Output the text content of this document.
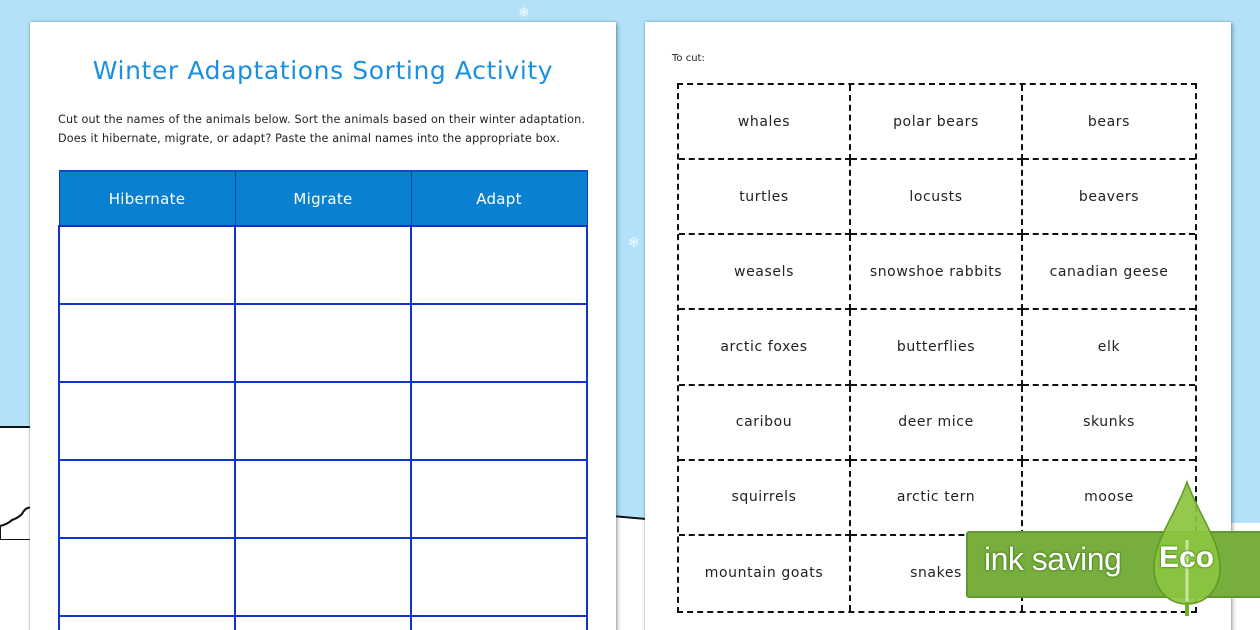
❄
❄
Winter Adaptations Sorting Activity
Cut out the names of the animals below. Sort the animals based on their winter adaptation.
Does it hibernate, migrate, or adapt? Paste the animal names into the appropriate box.
Hibernate	Migrate	Adapt

To cut:
whales	polar bears	bears
turtles	locusts	beavers
weasels	snowshoe rabbits	canadian geese
arctic foxes	butterflies	elk
caribou	deer mice	skunks
squirrels	arctic tern	moose
mountain goats	snakes ink saving Eco
